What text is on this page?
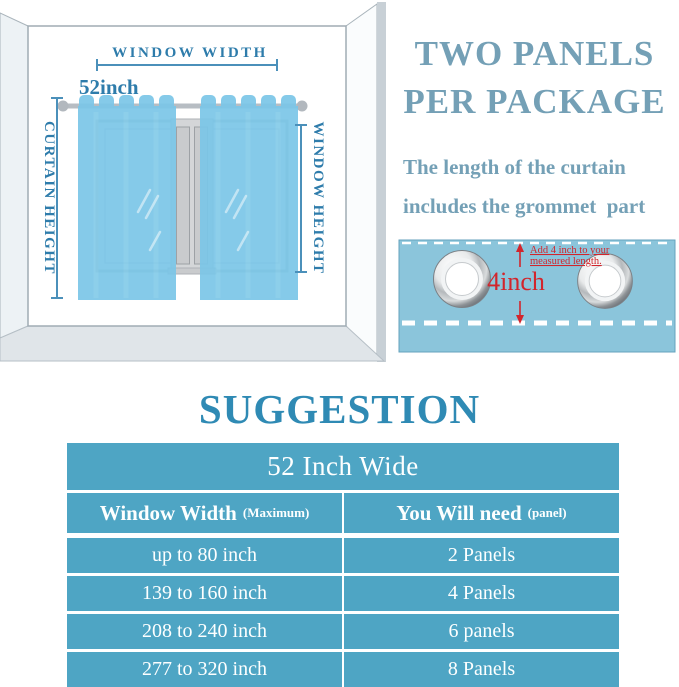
WINDOW WIDTH
52inch
CURTAIN HEIGHT	WINDOW HEIGHT
TWO PANELS
PER PACKAGE
The length of the curtain
includes the grommet  part
4inch
Add 4 inch to your
measured length.
SUGGESTION
52 Inch Wide
Window Width (Maximum)	You Will need (panel)
up to 80 inch	2 Panels
139 to 160 inch	4 Panels
208 to 240 inch	6 panels
277 to 320 inch	8 Panels
